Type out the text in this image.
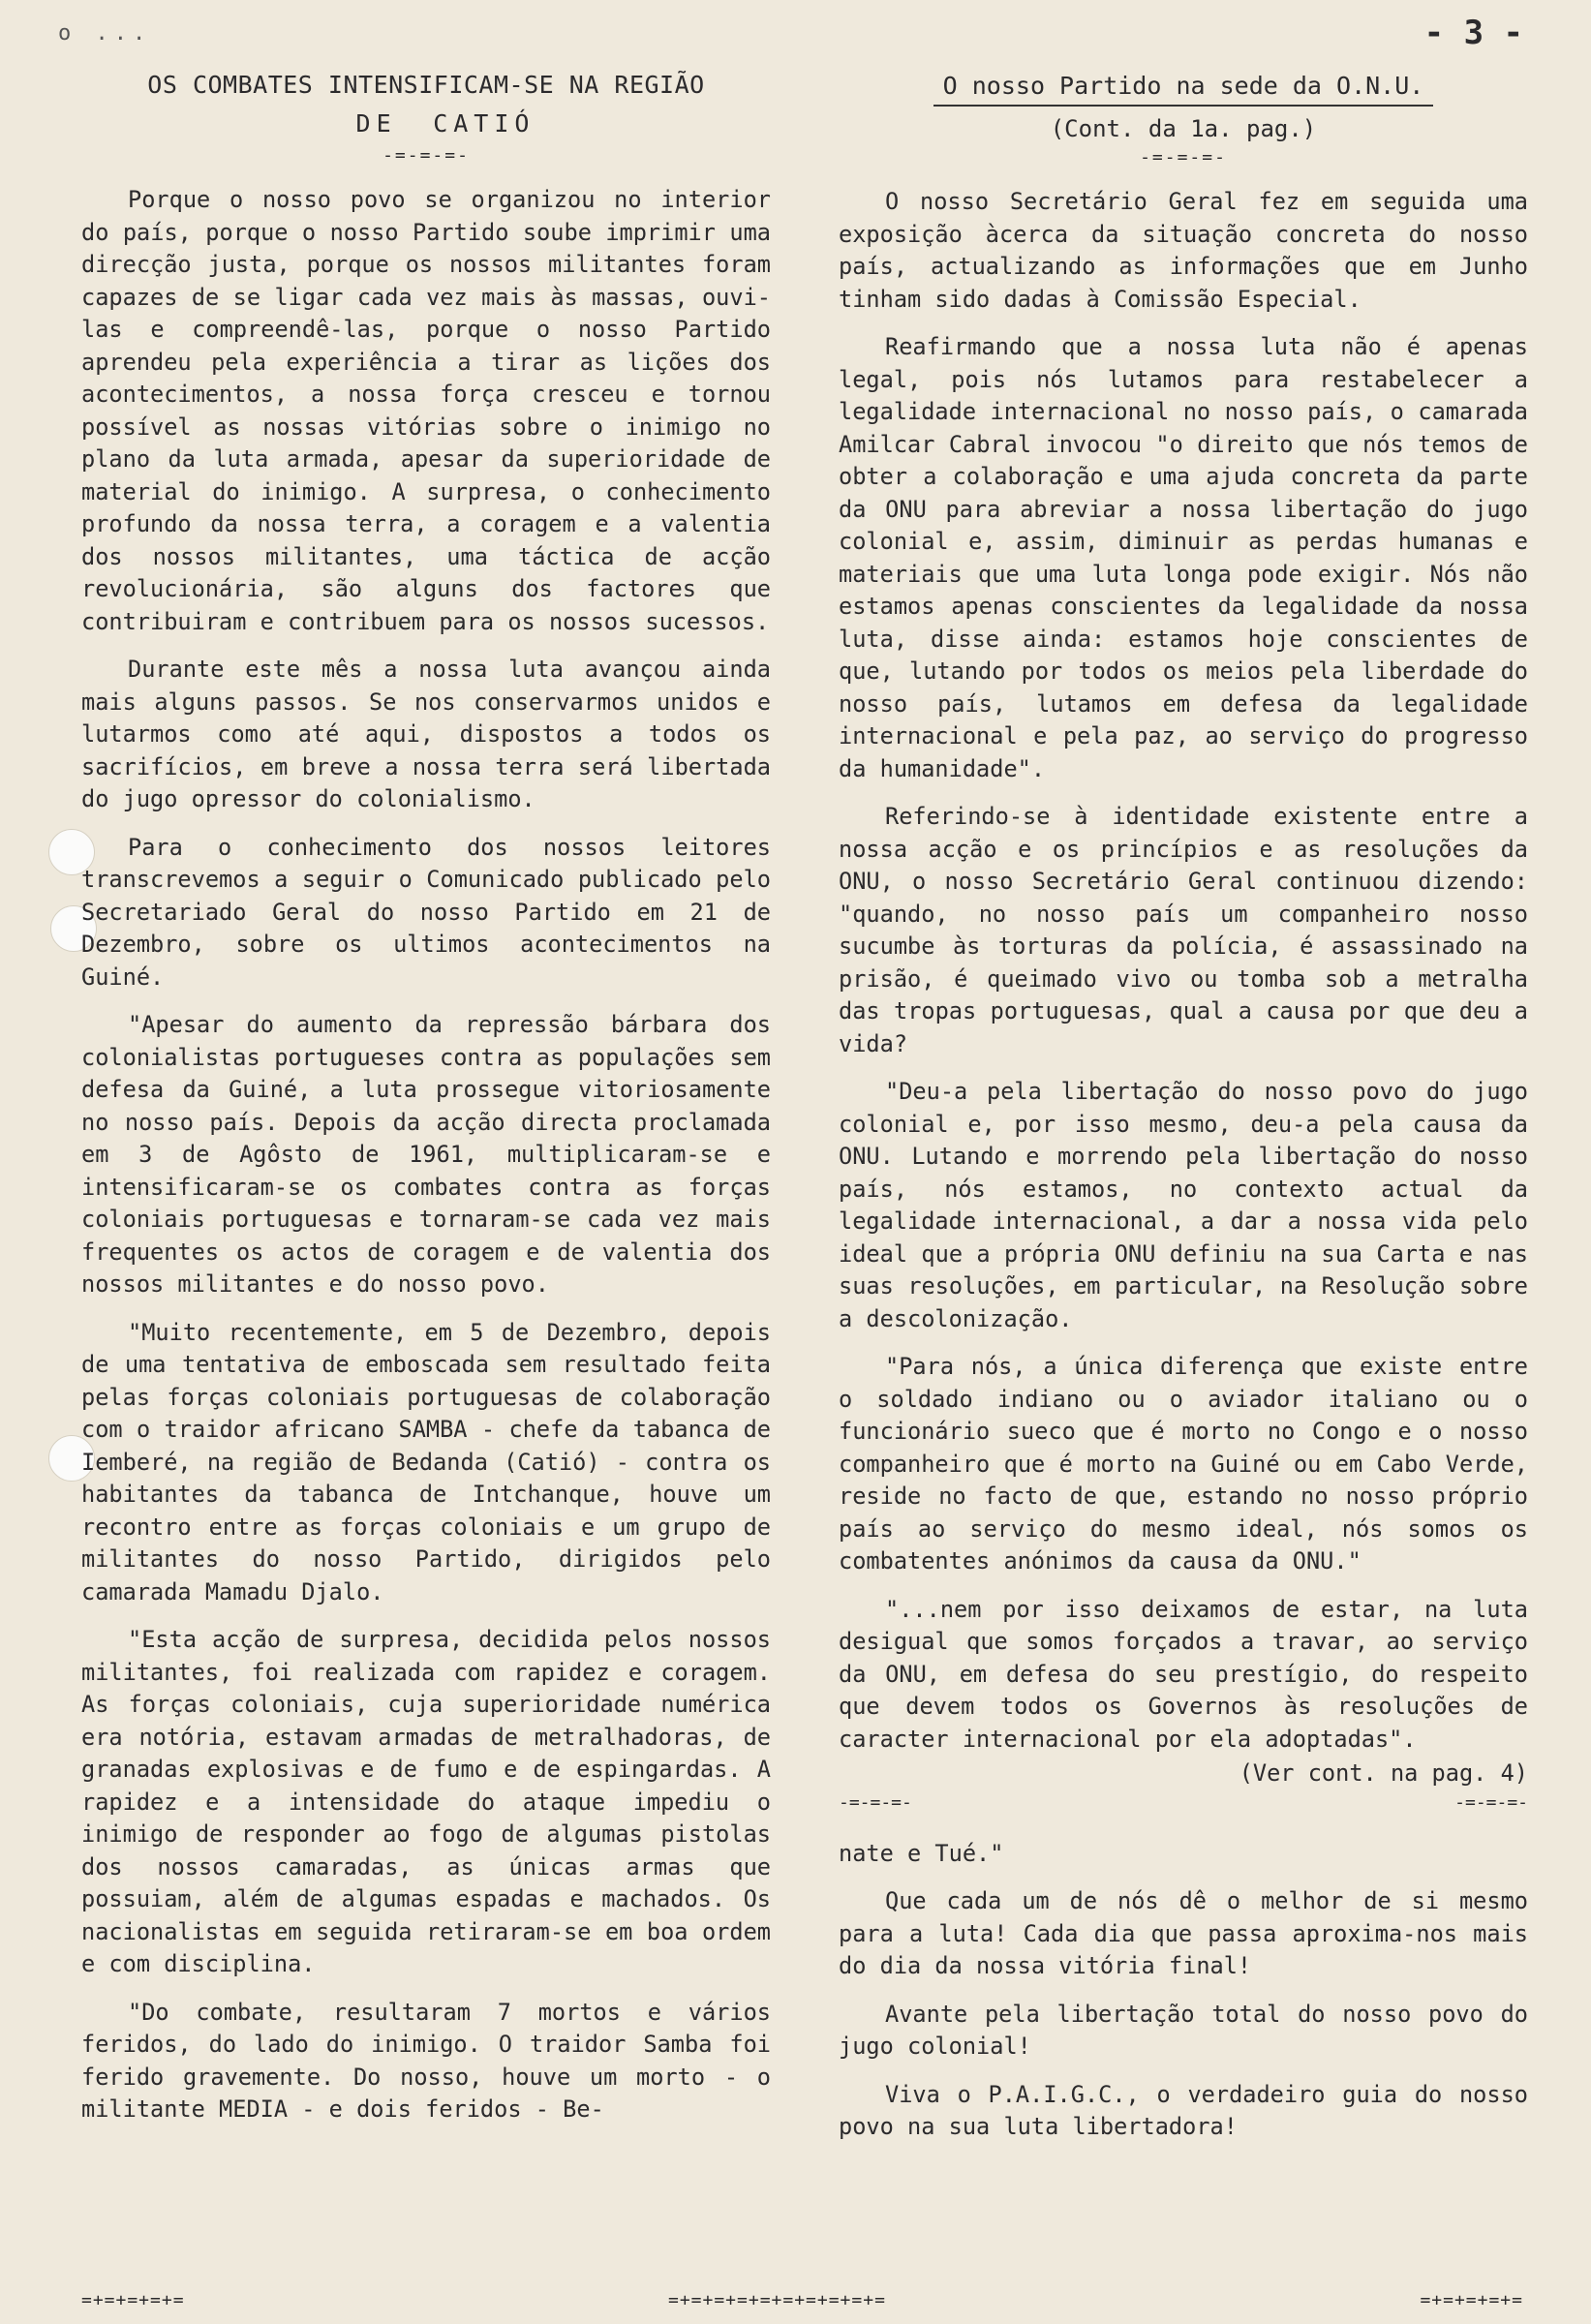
o ...	- 3 -
OS COMBATES INTENSIFICAM-SE NA REGIÃO
DE CATIÓ
-=-=-=-

Porque o nosso povo se organizou no interior do país, porque o nosso Partido soube imprimir uma direcção justa, porque os nossos militantes foram capazes de se ligar cada vez mais às massas, ouvi-las e compreendê-las, porque o nosso Partido aprendeu pela experiência a tirar as lições dos acontecimentos, a nossa força cresceu e tornou possível as nossas vitórias sobre o inimigo no plano da luta armada, apesar da superioridade de material do inimigo. A surpresa, o conhecimento profundo da nossa terra, a coragem e a valentia dos nossos militantes, uma táctica de acção revolucionária, são alguns dos factores que contribuiram e contribuem para os nossos sucessos.

Durante este mês a nossa luta avançou ainda mais alguns passos. Se nos conservarmos unidos e lutarmos como até aqui, dispostos a todos os sacrifícios, em breve a nossa terra será libertada do jugo opressor do colonialismo.

Para o conhecimento dos nossos leitores transcrevemos a seguir o Comunicado publicado pelo Secretariado Geral do nosso Partido em 21 de Dezembro, sobre os ultimos acontecimentos na Guiné.

"Apesar do aumento da repressão bárbara dos colonialistas portugueses contra as populações sem defesa da Guiné, a luta prossegue vitoriosamente no nosso país. Depois da acção directa proclamada em 3 de Agôsto de 1961, multiplicaram-se e intensificaram-se os combates contra as forças coloniais portuguesas e tornaram-se cada vez mais frequentes os actos de coragem e de valentia dos nossos militantes e do nosso povo.

"Muito recentemente, em 5 de Dezembro, depois de uma tentativa de emboscada sem resultado feita pelas forças coloniais portuguesas de colaboração com o traidor africano SAMBA - chefe da tabanca de Iemberé, na região de Bedanda (Catió) - contra os habitantes da tabanca de Intchanque, houve um recontro entre as forças coloniais e um grupo de militantes do nosso Partido, dirigidos pelo camarada Mamadu Djalo.

"Esta acção de surpresa, decidida pelos nossos militantes, foi realizada com rapidez e coragem. As forças coloniais, cuja superioridade numérica era notória, estavam armadas de metralhadoras, de granadas explosivas e de fumo e de espingardas. A rapidez e a intensidade do ataque impediu o inimigo de responder ao fogo de algumas pistolas dos nossos camaradas, as únicas armas que possuiam, além de algumas espadas e machados. Os nacionalistas em seguida retiraram-se em boa ordem e com disciplina.

"Do combate, resultaram 7 mortos e vários feridos, do lado do inimigo. O traidor Samba foi ferido gravemente. Do nosso, houve um morto - o militante MEDIA - e dois feridos - Be-

O nosso Partido na sede da O.N.U.
(Cont. da 1a. pag.)
-=-=-=-

O nosso Secretário Geral fez em seguida uma exposição àcerca da situação concreta do nosso país, actualizando as informações que em Junho tinham sido dadas à Comissão Especial.

Reafirmando que a nossa luta não é apenas legal, pois nós lutamos para restabelecer a legalidade internacional no nosso país, o camarada Amilcar Cabral invocou "o direito que nós temos de obter a colaboração e uma ajuda concreta da parte da ONU para abreviar a nossa libertação do jugo colonial e, assim, diminuir as perdas humanas e materiais que uma luta longa pode exigir. Nós não estamos apenas conscientes da legalidade da nossa luta, disse ainda: estamos hoje conscientes de que, lutando por todos os meios pela liberdade do nosso país, lutamos em defesa da legalidade internacional e pela paz, ao serviço do progresso da humanidade".

Referindo-se à identidade existente entre a nossa acção e os princípios e as resoluções da ONU, o nosso Secretário Geral continuou dizendo: "quando, no nosso país um companheiro nosso sucumbe às torturas da polícia, é assassinado na prisão, é queimado vivo ou tomba sob a metralha das tropas portuguesas, qual a causa por que deu a vida?

"Deu-a pela libertação do nosso povo do jugo colonial e, por isso mesmo, deu-a pela causa da ONU. Lutando e morrendo pela libertação do nosso país, nós estamos, no contexto actual da legalidade internacional, a dar a nossa vida pelo ideal que a própria ONU definiu na sua Carta e nas suas resoluções, em particular, na Resolução sobre a descolonização.

"Para nós, a única diferença que existe entre o soldado indiano ou o aviador italiano ou o funcionário sueco que é morto no Congo e o nosso companheiro que é morto na Guiné ou em Cabo Verde, reside no facto de que, estando no nosso próprio país ao serviço do mesmo ideal, nós somos os combatentes anónimos da causa da ONU."

"...nem por isso deixamos de estar, na luta desigual que somos forçados a travar, ao serviço da ONU, em defesa do seu prestígio, do respeito que devem todos os Governos às resoluções de caracter internacional por ela adoptadas".

(Ver cont. na pag. 4)
-=-=-=-	-=-=-=-

nate e Tué."

Que cada um de nós dê o melhor de si mesmo para a luta! Cada dia que passa aproxima-nos mais do dia da nossa vitória final!

Avante pela libertação total do nosso povo do jugo colonial!

Viva o P.A.I.G.C., o verdadeiro guia do nosso povo na sua luta libertadora!

=+=+=+=+=	=+=+=+=+=+=+=+=+=+=	=+=+=+=+=
